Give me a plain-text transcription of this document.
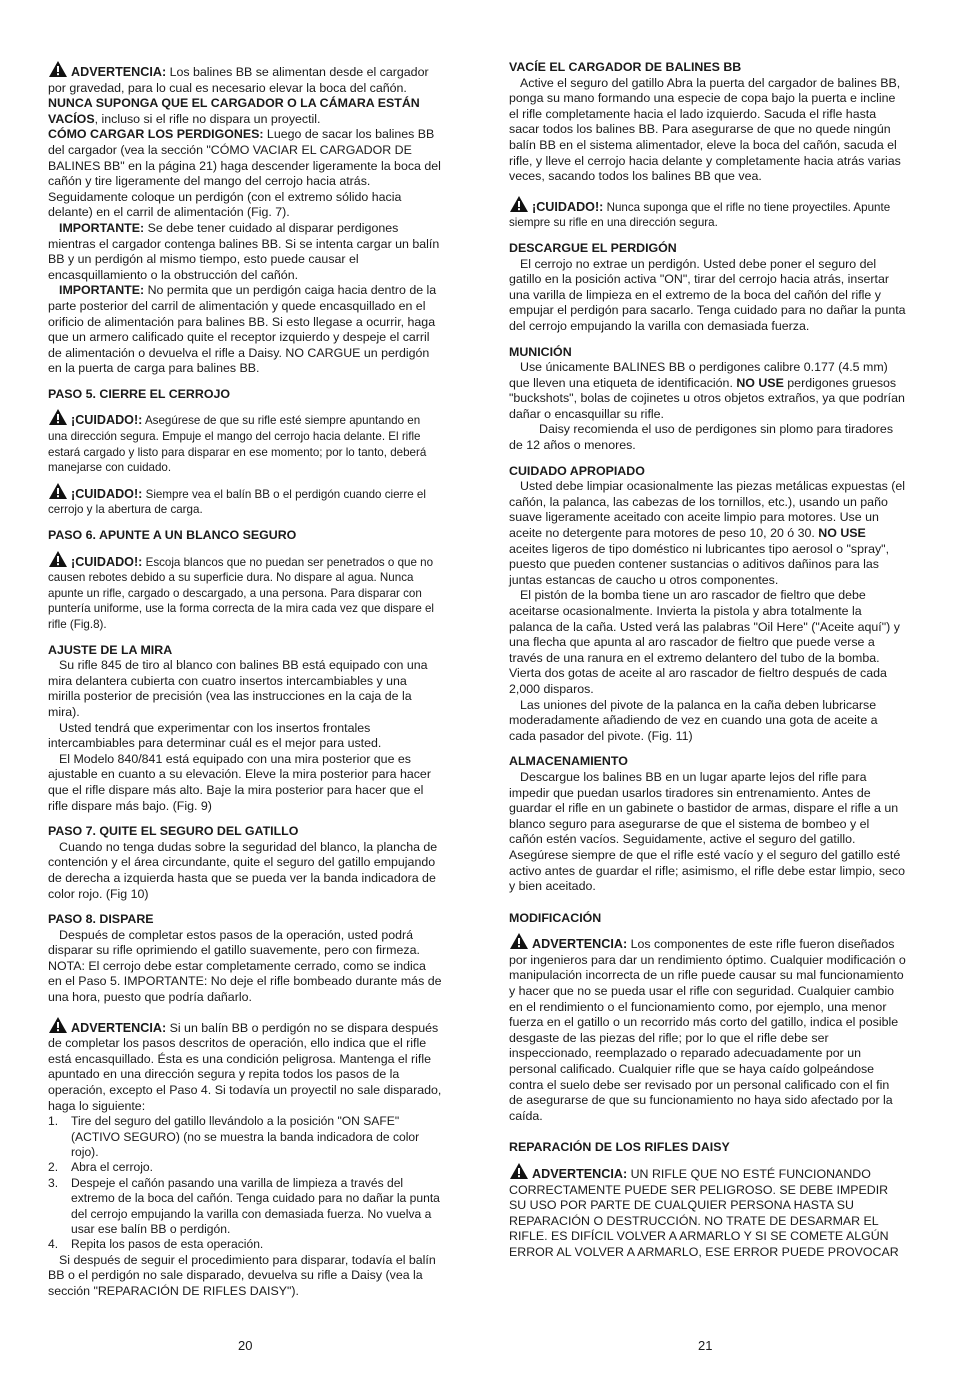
ADVERTENCIA: Los balines BB se alimentan desde el cargador por gravedad, para lo cual es necesario elevar la boca del cañón. NUNCA SUPONGA QUE EL CARGADOR O LA CÁMARA ESTÁN VACÍOS, incluso si el rifle no dispara un proyectil.

CÓMO CARGAR LOS PERDIGONES: Luego de sacar los balines BB del cargador (vea la sección "CÓMO VACIAR EL CARGADOR DE BALINES BB" en la página 21) haga descender ligeramente la boca del cañón y tire ligeramente del mango del cerrojo hacia atrás. Seguidamente coloque un perdigón (con el extremo sólido hacia delante) en el carril de alimentación (Fig. 7).

IMPORTANTE: Se debe tener cuidado al disparar perdigones mientras el cargador contenga balines BB. Si se intenta cargar un balín BB y un perdigón al mismo tiempo, esto puede causar el encasquillamiento o la obstrucción del cañón.

IMPORTANTE: No permita que un perdigón caiga hacia dentro de la parte posterior del carril de alimentación y quede encasquillado en el orificio de alimentación para balines BB. Si esto llegase a ocurrir, haga que un armero calificado quite el receptor izquierdo y despeje el carril de alimentación o devuelva el rifle a Daisy. NO CARGUE un perdigón en la puerta de carga para balines BB.

PASO 5. CIERRE EL CERROJO

¡CUIDADO!: Asegúrese de que su rifle esté siempre apuntando en una dirección segura. Empuje el mango del cerrojo hacia delante. El rifle estará cargado y listo para disparar en ese momento; por lo tanto, deberá manejarse con cuidado.

¡CUIDADO!: Siempre vea el balín BB o el perdigón cuando cierre el cerrojo y la abertura de carga.

PASO 6. APUNTE A UN BLANCO SEGURO

¡CUIDADO!: Escoja blancos que no puedan ser penetrados o que no causen rebotes debido a su superficie dura. No dispare al agua. Nunca apunte un rifle, cargado o descargado, a una persona. Para disparar con puntería uniforme, use la forma correcta de la mira cada vez que dispare el rifle (Fig.8).

AJUSTE DE LA MIRA

Su rifle 845 de tiro al blanco con balines BB está equipado con una mira delantera cubierta con cuatro insertos intercambiables y una mirilla posterior de precisión (vea las instrucciones en la caja de la mira).

Usted tendrá que experimentar con los insertos frontales intercambiables para determinar cuál es el mejor para usted.

El Modelo 840/841 está equipado con una mira posterior que es ajustable en cuanto a su elevación. Eleve la mira posterior para hacer que el rifle dispare más alto. Baje la mira posterior para hacer que el rifle dispare más bajo. (Fig. 9)

PASO 7. QUITE EL SEGURO DEL GATILLO

Cuando no tenga dudas sobre la seguridad del blanco, la plancha de contención y el área circundante, quite el seguro del gatillo empujando de derecha a izquierda hasta que se pueda ver la banda indicadora de color rojo. (Fig 10)

PASO 8. DISPARE

Después de completar estos pasos de la operación, usted podrá disparar su rifle oprimiendo el gatillo suavemente, pero con firmeza. NOTA: El cerrojo debe estar completamente cerrado, como se indica en el Paso 5. IMPORTANTE: No deje el rifle bombeado durante más de una hora, puesto que podría dañarlo.

ADVERTENCIA: Si un balín BB o perdigón no se dispara después de completar los pasos descritos de operación, ello indica que el rifle está encasquillado. Ésta es una condición peligrosa. Mantenga el rifle apuntado en una dirección segura y repita todos los pasos de la operación, excepto el Paso 4. Si todavía un proyectil no sale disparado, haga lo siguiente:

1. Tire del seguro del gatillo llevándolo a la posición "ON SAFE" (ACTIVO SEGURO) (no se muestra la banda indicadora de color rojo).
2. Abra el cerrojo.
3. Despeje el cañón pasando una varilla de limpieza a través del extremo de la boca del cañón. Tenga cuidado para no dañar la punta del cerrojo empujando la varilla con demasiada fuerza. No vuelva a usar ese balín BB o perdigón.
4. Repita los pasos de esta operación.

Si después de seguir el procedimiento para disparar, todavía el balín BB o el perdigón no sale disparado, devuelva su rifle a Daisy (vea la sección "REPARACIÓN DE RIFLES DAISY").

VACÍE EL CARGADOR DE BALINES BB

Active el seguro del gatillo Abra la puerta del cargador de balines BB, ponga su mano formando una especie de copa bajo la puerta e incline el rifle completamente hacia el lado izquierdo. Sacuda el rifle hasta sacar todos los balines BB. Para asegurarse de que no quede ningún balín BB en el sistema alimentador, eleve la boca del cañón, sacuda el rifle, y lleve el cerrojo hacia delante y completamente hacia atrás varias veces, sacando todos los balines BB que vea.

¡CUIDADO!: Nunca suponga que el rifle no tiene proyectiles. Apunte siempre su rifle en una dirección segura.

DESCARGUE EL PERDIGÓN

El cerrojo no extrae un perdigón. Usted debe poner el seguro del gatillo en la posición activa "ON", tirar del cerrojo hacia atrás, insertar una varilla de limpieza en el extremo de la boca del cañón del rifle y empujar el perdigón para sacarlo. Tenga cuidado para no dañar la punta del cerrojo empujando la varilla con demasiada fuerza.

MUNICIÓN

Use únicamente BALINES BB o perdigones calibre 0.177 (4.5 mm) que lleven una etiqueta de identificación. NO USE perdigones gruesos "buckshots", bolas de cojinetes u otros objetos extraños, ya que podrían dañar o encasquillar su rifle.

Daisy recomienda el uso de perdigones sin plomo para tiradores de 12 años o menores.

CUIDADO APROPIADO

Usted debe limpiar ocasionalmente las piezas metálicas expuestas (el cañón, la palanca, las cabezas de los tornillos, etc.), usando un paño suave ligeramente aceitado con aceite limpio para motores. Use un aceite no detergente para motores de peso 10, 20 ó 30. NO USE aceites ligeros de tipo doméstico ni lubricantes tipo aerosol o "spray", puesto que pueden contener sustancias o aditivos dañinos para las juntas estancas de caucho u otros componentes.

El pistón de la bomba tiene un aro rascador de fieltro que debe aceitarse ocasionalmente. Invierta la pistola y abra totalmente la palanca de la caña. Usted verá las palabras "Oil Here" ("Aceite aquí") y una flecha que apunta al aro rascador de fieltro que puede verse a través de una ranura en el extremo delantero del tubo de la bomba. Vierta dos gotas de aceite al aro rascador de fieltro después de cada 2,000 disparos.

Las uniones del pivote de la palanca en la caña deben lubricarse moderadamente añadiendo de vez en cuando una gota de aceite a cada pasador del pivote. (Fig. 11)

ALMACENAMIENTO

Descargue los balines BB en un lugar aparte lejos del rifle para impedir que puedan usarlos tiradores sin entrenamiento. Antes de guardar el rifle en un gabinete o bastidor de armas, dispare el rifle a un blanco seguro para asegurarse de que el sistema de bombeo y el cañón estén vacíos. Seguidamente, active el seguro del gatillo. Asegúrese siempre de que el rifle esté vacío y el seguro del gatillo esté activo antes de guardar el rifle; asimismo, el rifle debe estar limpio, seco y bien aceitado.

MODIFICACIÓN

ADVERTENCIA: Los componentes de este rifle fueron diseñados por ingenieros para dar un rendimiento óptimo. Cualquier modificación o manipulación incorrecta de un rifle puede causar su mal funcionamiento y hacer que no se pueda usar el rifle con seguridad. Cualquier cambio en el rendimiento o el funcionamiento como, por ejemplo, una menor fuerza en el gatillo o un recorrido más corto del gatillo, indica el posible desgaste de las piezas del rifle; por lo que el rifle debe ser inspeccionado, reemplazado o reparado adecuadamente por un personal calificado. Cualquier rifle que se haya caído golpeándose contra el suelo debe ser revisado por un personal calificado con el fin de asegurarse de que su funcionamiento no haya sido afectado por la caída.

REPARACIÓN DE LOS RIFLES DAISY

ADVERTENCIA: UN RIFLE QUE NO ESTÉ FUNCIONANDO CORRECTAMENTE PUEDE SER PELIGROSO. SE DEBE IMPEDIR SU USO POR PARTE DE CUALQUIER PERSONA HASTA SU REPARACIÓN O DESTRUCCIÓN. NO TRATE DE DESARMAR EL RIFLE. ES DIFÍCIL VOLVER A ARMARLO Y SI SE COMETE ALGÚN ERROR AL VOLVER A ARMARLO, ESE ERROR PUEDE PROVOCAR

20	21
